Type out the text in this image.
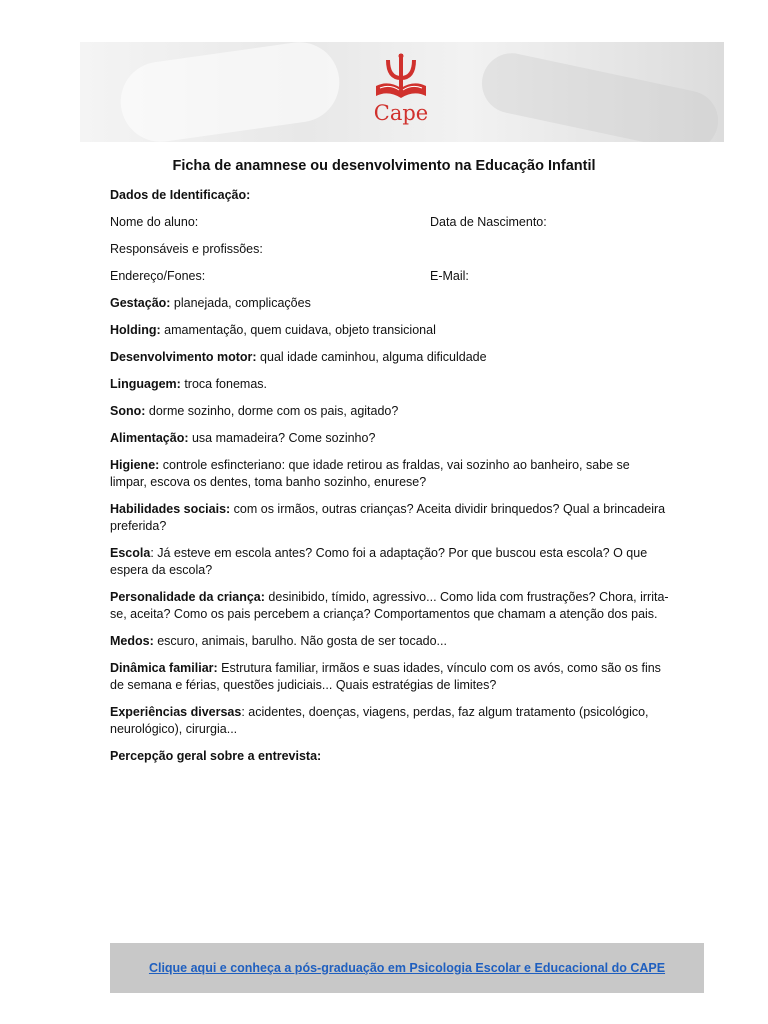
Cape
Ficha de anamnese ou desenvolvimento na Educação Infantil
Dados de Identificação:
Nome do aluno:	Data de Nascimento:
Responsáveis e profissões:
Endereço/Fones:	E-Mail:
Gestação: planejada, complicações
Holding: amamentação, quem cuidava, objeto transicional
Desenvolvimento motor: qual idade caminhou, alguma dificuldade
Linguagem: troca fonemas.
Sono: dorme sozinho, dorme com os pais, agitado?
Alimentação: usa mamadeira? Come sozinho?
Higiene: controle esfincteriano: que idade retirou as fraldas, vai sozinho ao banheiro, sabe se limpar, escova os dentes, toma banho sozinho, enurese?
Habilidades sociais: com os irmãos, outras crianças? Aceita dividir brinquedos? Qual a brincadeira preferida?
Escola: Já esteve em escola antes? Como foi a adaptação? Por que buscou esta escola? O que espera da escola?
Personalidade da criança: desinibido, tímido, agressivo... Como lida com frustrações? Chora, irrita-se, aceita? Como os pais percebem a criança? Comportamentos que chamam a atenção dos pais.
Medos: escuro, animais, barulho. Não gosta de ser tocado...
Dinâmica familiar: Estrutura familiar, irmãos e suas idades, vínculo com os avós, como são os fins de semana e férias, questões judiciais... Quais estratégias de limites?
Experiências diversas: acidentes, doenças, viagens, perdas, faz algum tratamento (psicológico, neurológico), cirurgia...
Percepção geral sobre a entrevista:
Clique aqui e conheça a pós-graduação em Psicologia Escolar e Educacional do CAPE
